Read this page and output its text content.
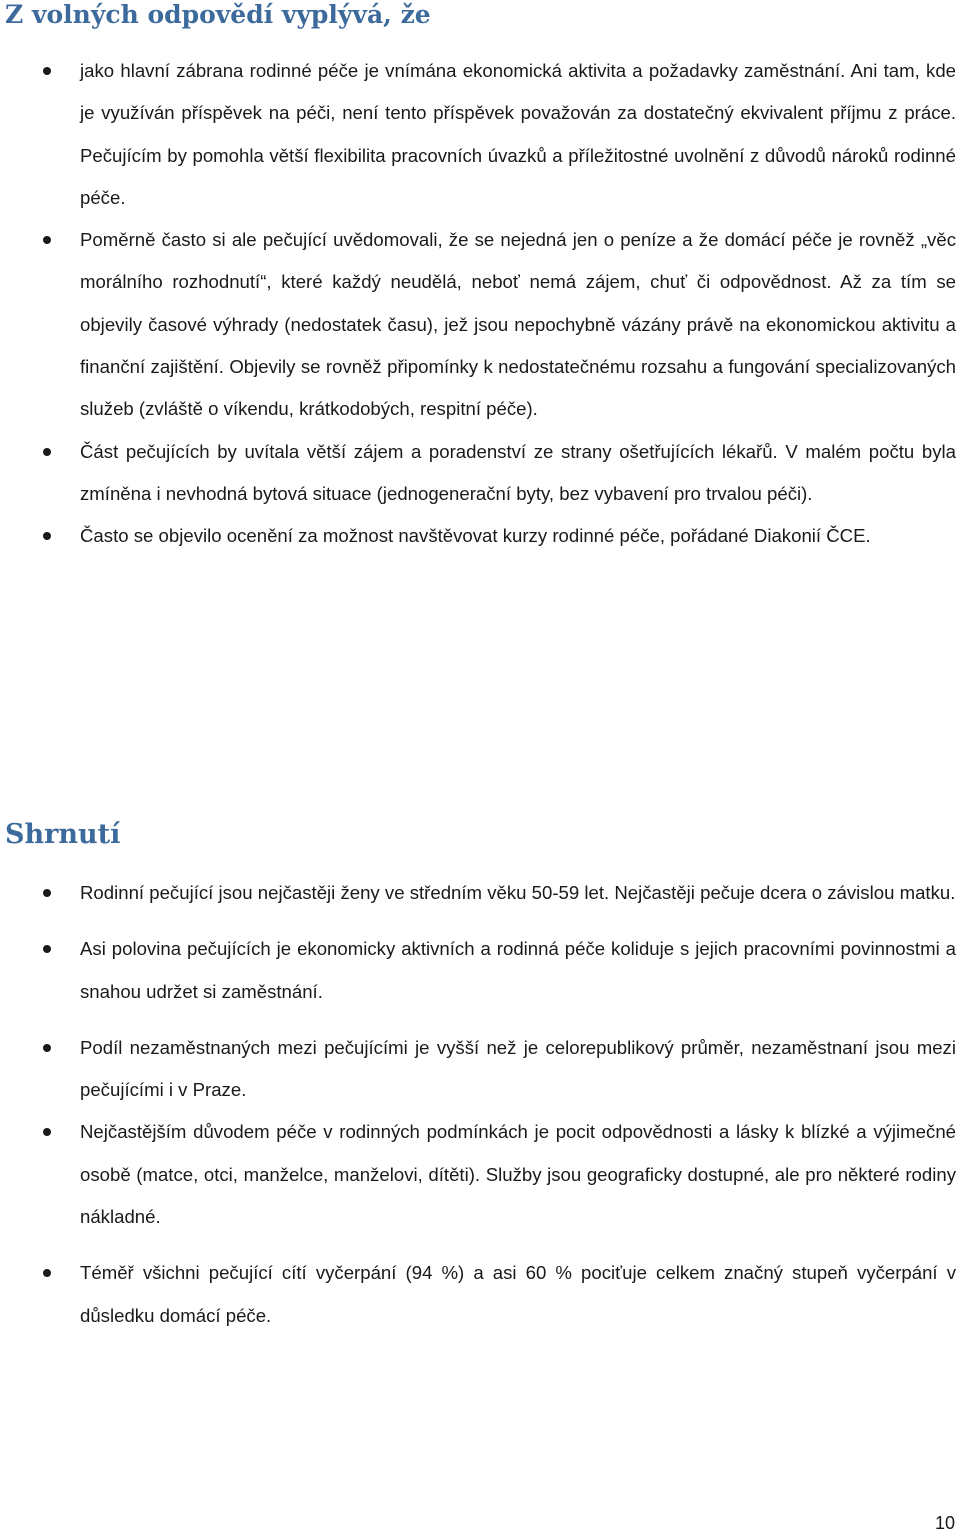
Z volných odpovědí vyplývá, že
jako hlavní zábrana rodinné péče je vnímána ekonomická aktivita a požadavky zaměstnání. Ani tam, kde je využíván příspěvek na péči, není tento příspěvek považován za dostatečný ekvivalent příjmu z práce. Pečujícím by pomohla větší flexibilita pracovních úvazků a příležitostné uvolnění z důvodů nároků rodinné péče.
Poměrně často si ale pečující uvědomovali, že se nejedná jen o peníze a že domácí péče je rovněž „věc morálního rozhodnutí“, které každý neudělá, neboť nemá zájem, chuť či odpovědnost. Až za tím se objevily časové výhrady (nedostatek času), jež jsou nepochybně vázány právě na ekonomickou aktivitu a finanční zajištění. Objevily se rovněž připomínky k nedostatečnému rozsahu a fungování specializovaných služeb (zvláště o víkendu, krátkodobých, respitní péče).
Část pečujících by uvítala větší zájem a poradenství ze strany ošetřujících lékařů. V malém počtu byla zmíněna i nevhodná bytová situace (jednogenerační byty, bez vybavení pro trvalou péči).
Často se objevilo ocenění za možnost navštěvovat kurzy rodinné péče, pořádané Diakonií ČCE.
Shrnutí
Rodinní pečující jsou nejčastěji ženy ve středním věku 50-59 let. Nejčastěji pečuje dcera o závislou matku.
Asi polovina pečujících je ekonomicky aktivních a rodinná péče koliduje s jejich pracovními povinnostmi a snahou udržet si zaměstnání.
Podíl nezaměstnaných mezi pečujícími je vyšší než je celorepublikový průměr, nezaměstnaní jsou mezi pečujícími i v Praze.
Nejčastějším důvodem péče v rodinných podmínkách je pocit odpovědnosti a lásky k blízké a výjimečné osobě (matce, otci, manželce, manželovi, dítěti). Služby jsou geograficky dostupné, ale pro některé rodiny nákladné.
Téměř všichni pečující cítí vyčerpání (94 %) a asi 60 % pociťuje celkem značný stupeň vyčerpání v důsledku domácí péče.
10
